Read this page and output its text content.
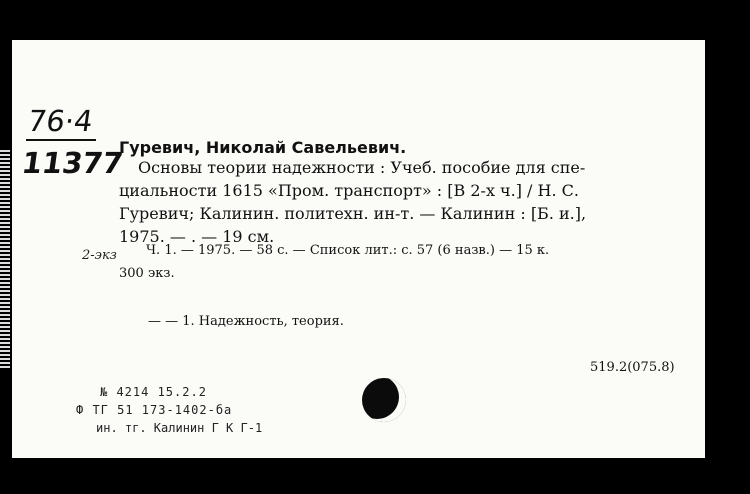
76·4
11377
Гуревич, Николай Савельевич.
Основы теории надежности : Учеб. пособие для спе-
циальности 1615 «Пром. транспорт» : [В 2-х ч.] / Н. С.
Гуревич; Калинин. политехн. ин-т. — Калинин : [Б. и.],
1975. — . — 19 см.
2-экз	Ч. 1. — 1975. — 58 с. — Список лит.: с. 57 (6 назв.) — 15 к.
300 экз.
— — 1. Надежность, теория.
519.2(075.8)
№ 4214 15.2.2
Ф ТГ 51 173-1402-ба
ин. тг. Калинин Г К Г-1
